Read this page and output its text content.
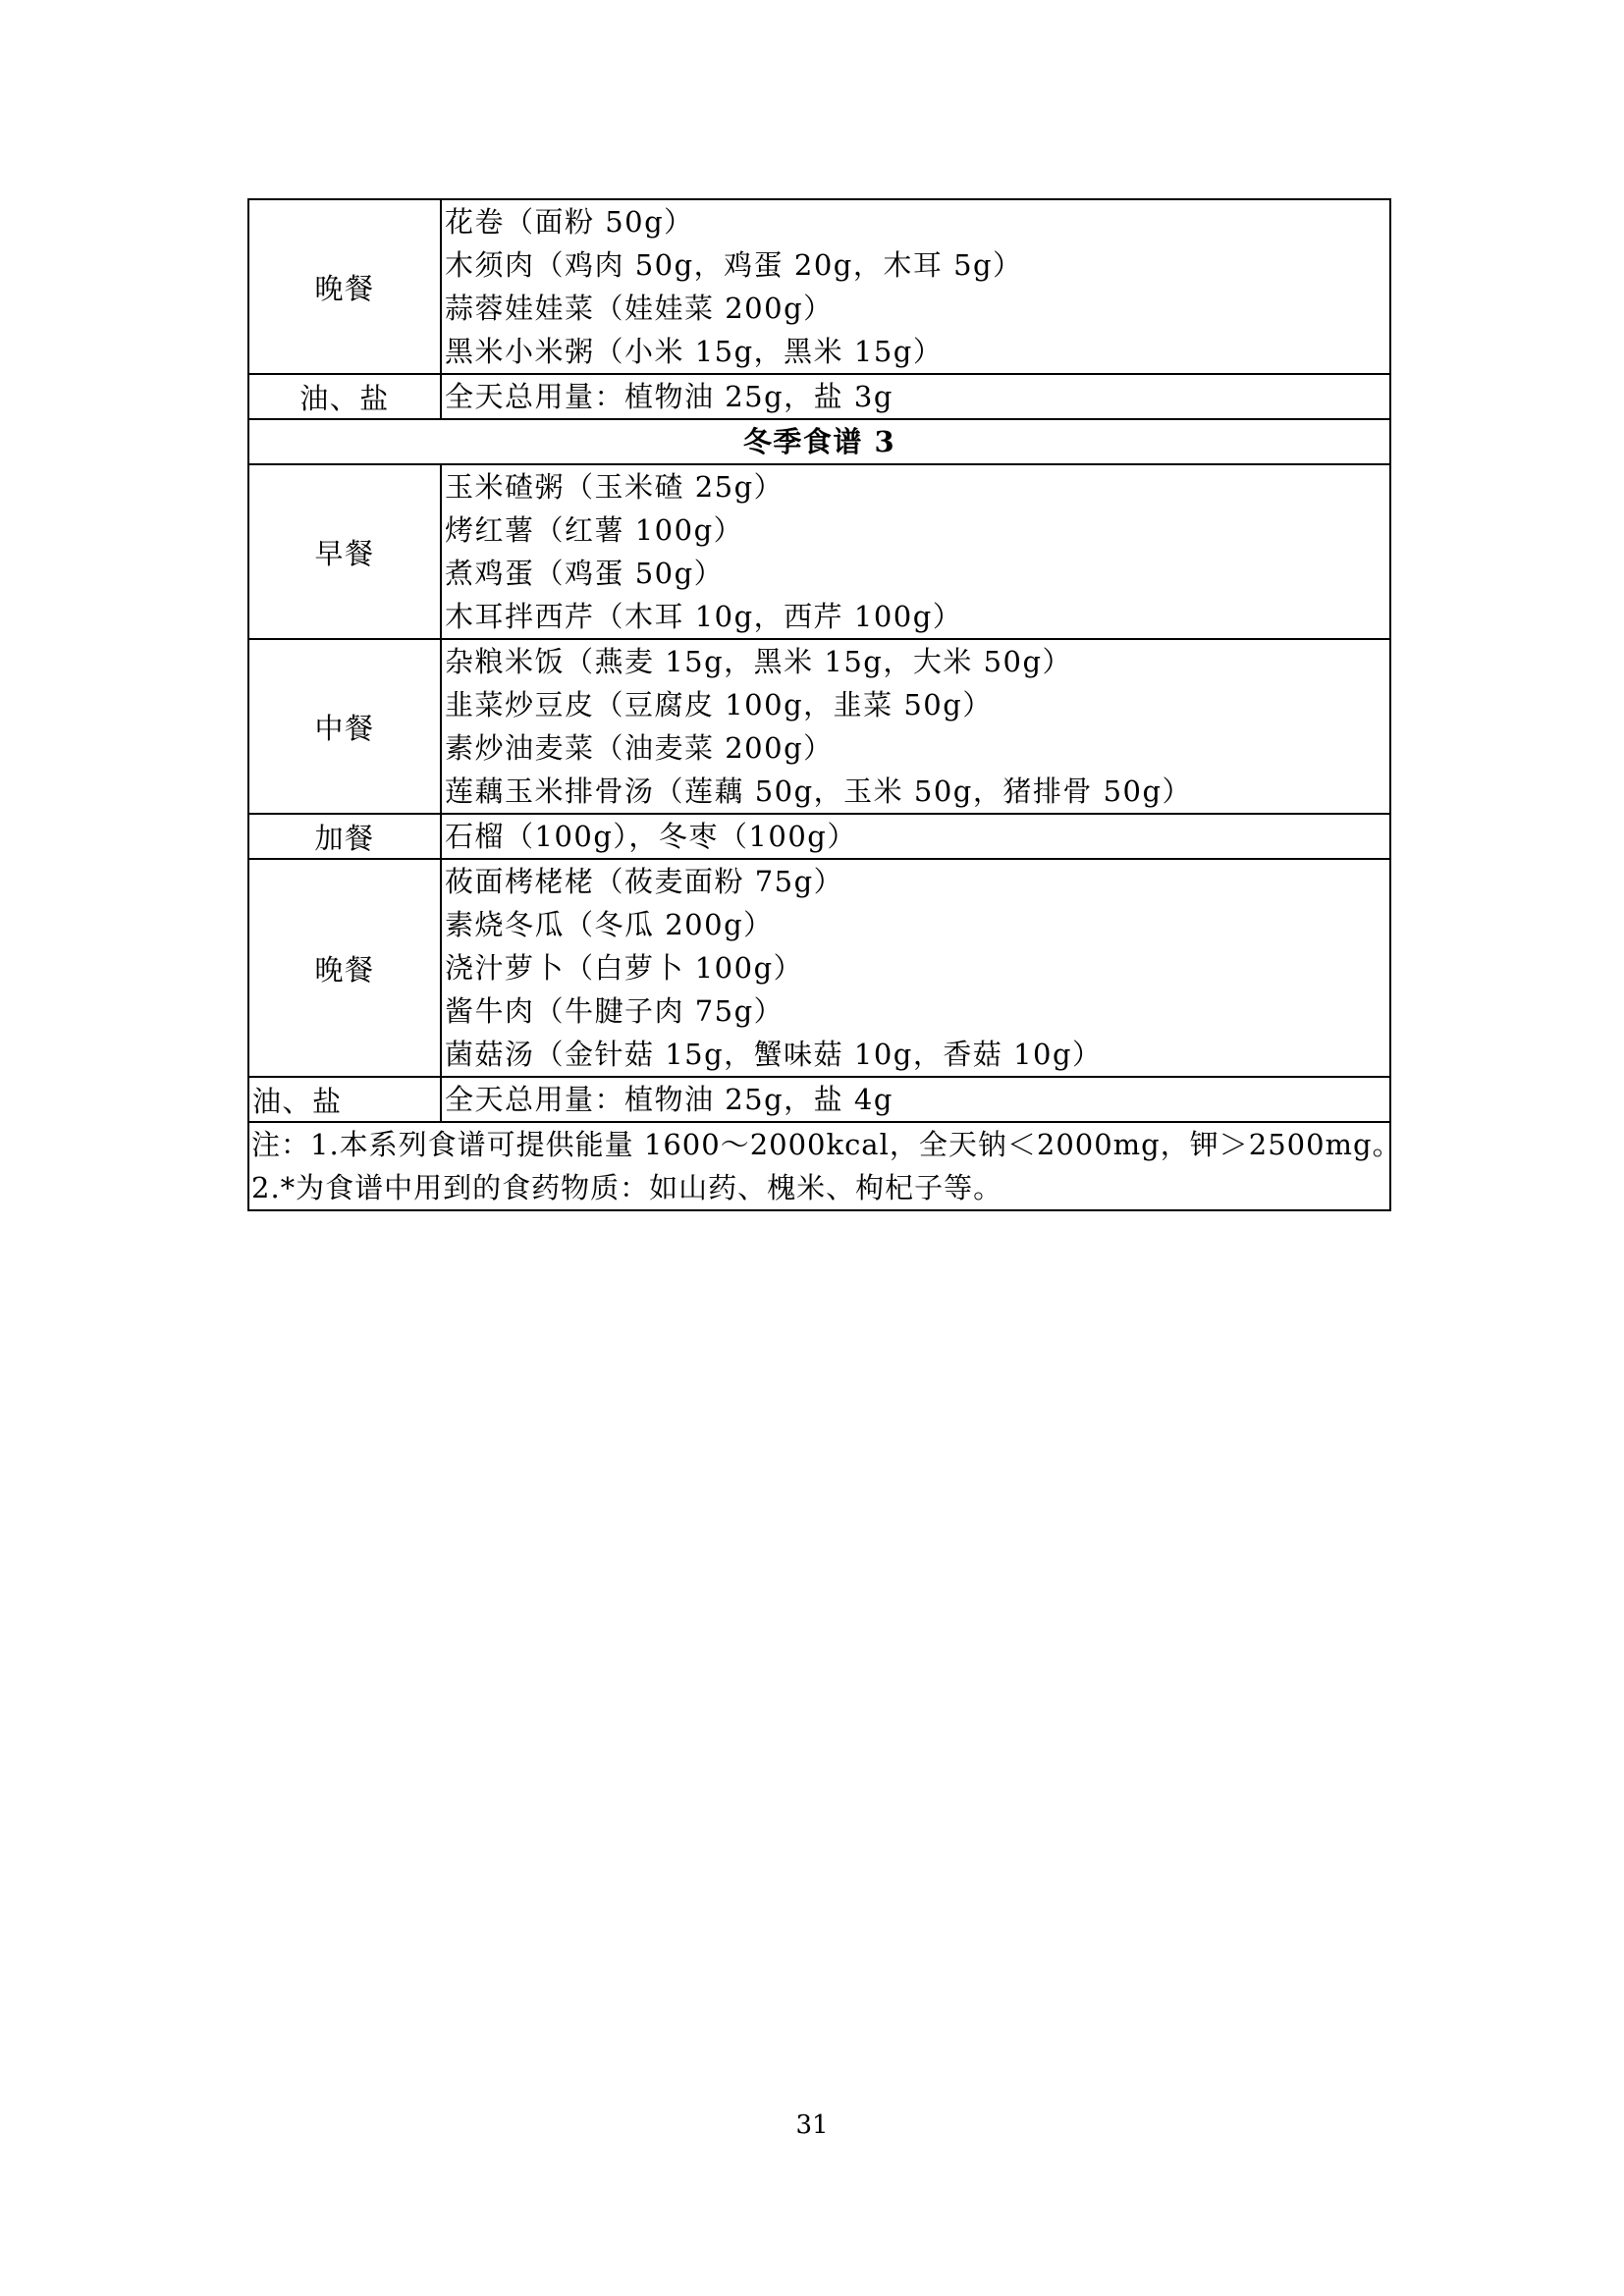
晚餐	花卷（面粉 50g）
木须肉（鸡肉 50g，鸡蛋 20g，木耳 5g）
蒜蓉娃娃菜（娃娃菜 200g）
黑米小米粥（小米 15g，黑米 15g）

油、盐	全天总用量：植物油 25g，盐 3g

冬季食谱 3	
早餐	玉米碴粥（玉米碴 25g）
烤红薯（红薯 100g）
煮鸡蛋（鸡蛋 50g）
木耳拌西芹（木耳 10g，西芹 100g）

中餐	杂粮米饭（燕麦 15g，黑米 15g，大米 50g）
韭菜炒豆皮（豆腐皮 100g，韭菜 50g）
素炒油麦菜（油麦菜 200g）
莲藕玉米排骨汤（莲藕 50g，玉米 50g，猪排骨 50g）

加餐	石榴（100g），冬枣（100g）

晚餐	莜面栲栳栳（莜麦面粉 75g）
素烧冬瓜（冬瓜 200g）
浇汁萝卜（白萝卜 100g）
酱牛肉（牛腱子肉 75g）
菌菇汤（金针菇 15g，蟹味菇 10g，香菇 10g）

油、盐	全天总用量：植物油 25g，盐 4g

注：1.本系列食谱可提供能量 1600～2000kcal，全天钠＜2000mg，钾＞2500mg。
2.*为食谱中用到的食药物质：如山药、槐米、枸杞子等。	
31
